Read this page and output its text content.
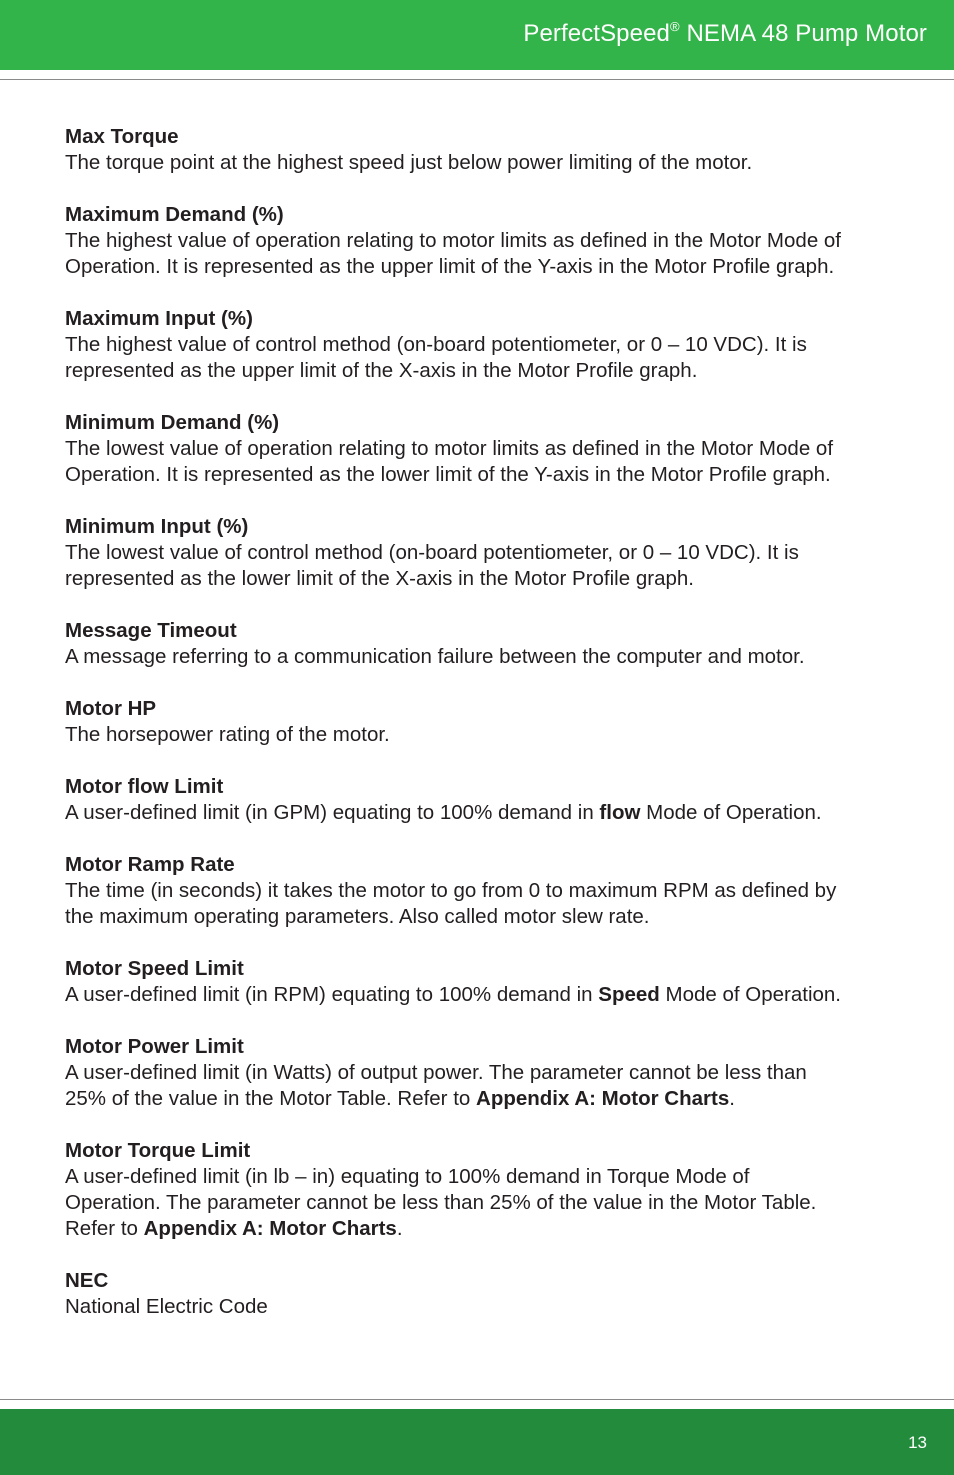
PerfectSpeed® NEMA 48 Pump Motor
Max Torque
The torque point at the highest speed just below power limiting of the motor.
Maximum Demand (%)
The highest value of operation relating to motor limits as defined in the Motor Mode of
Operation. It is represented as the upper limit of the Y-axis in the Motor Profile graph.
Maximum Input (%)
The highest value of control method (on-board potentiometer, or 0 – 10 VDC). It is
represented as the upper limit of the X-axis in the Motor Profile graph.
Minimum Demand (%)
The lowest value of operation relating to motor limits as defined in the Motor Mode of
Operation. It is represented as the lower limit of the Y-axis in the Motor Profile graph.
Minimum Input (%)
The lowest value of control method (on-board potentiometer, or 0 – 10 VDC). It is
represented as the lower limit of the X-axis in the Motor Profile graph.
Message Timeout
A message referring to a communication failure between the computer and motor.
Motor HP
The horsepower rating of the motor.
Motor flow Limit
A user-defined limit (in GPM) equating to 100% demand in flow Mode of Operation.
Motor Ramp Rate
The time (in seconds) it takes the motor to go from 0 to maximum RPM as defined by
the maximum operating parameters. Also called motor slew rate.
Motor Speed Limit
A user-defined limit (in RPM) equating to 100% demand in Speed Mode of Operation.
Motor Power Limit
A user-defined limit (in Watts) of output power. The parameter cannot be less than
25% of the value in the Motor Table. Refer to Appendix A: Motor Charts.
Motor Torque Limit
A user-defined limit (in lb – in) equating to 100% demand in Torque Mode of
Operation. The parameter cannot be less than 25% of the value in the Motor Table.
Refer to Appendix A: Motor Charts.
NEC
National Electric Code
13
